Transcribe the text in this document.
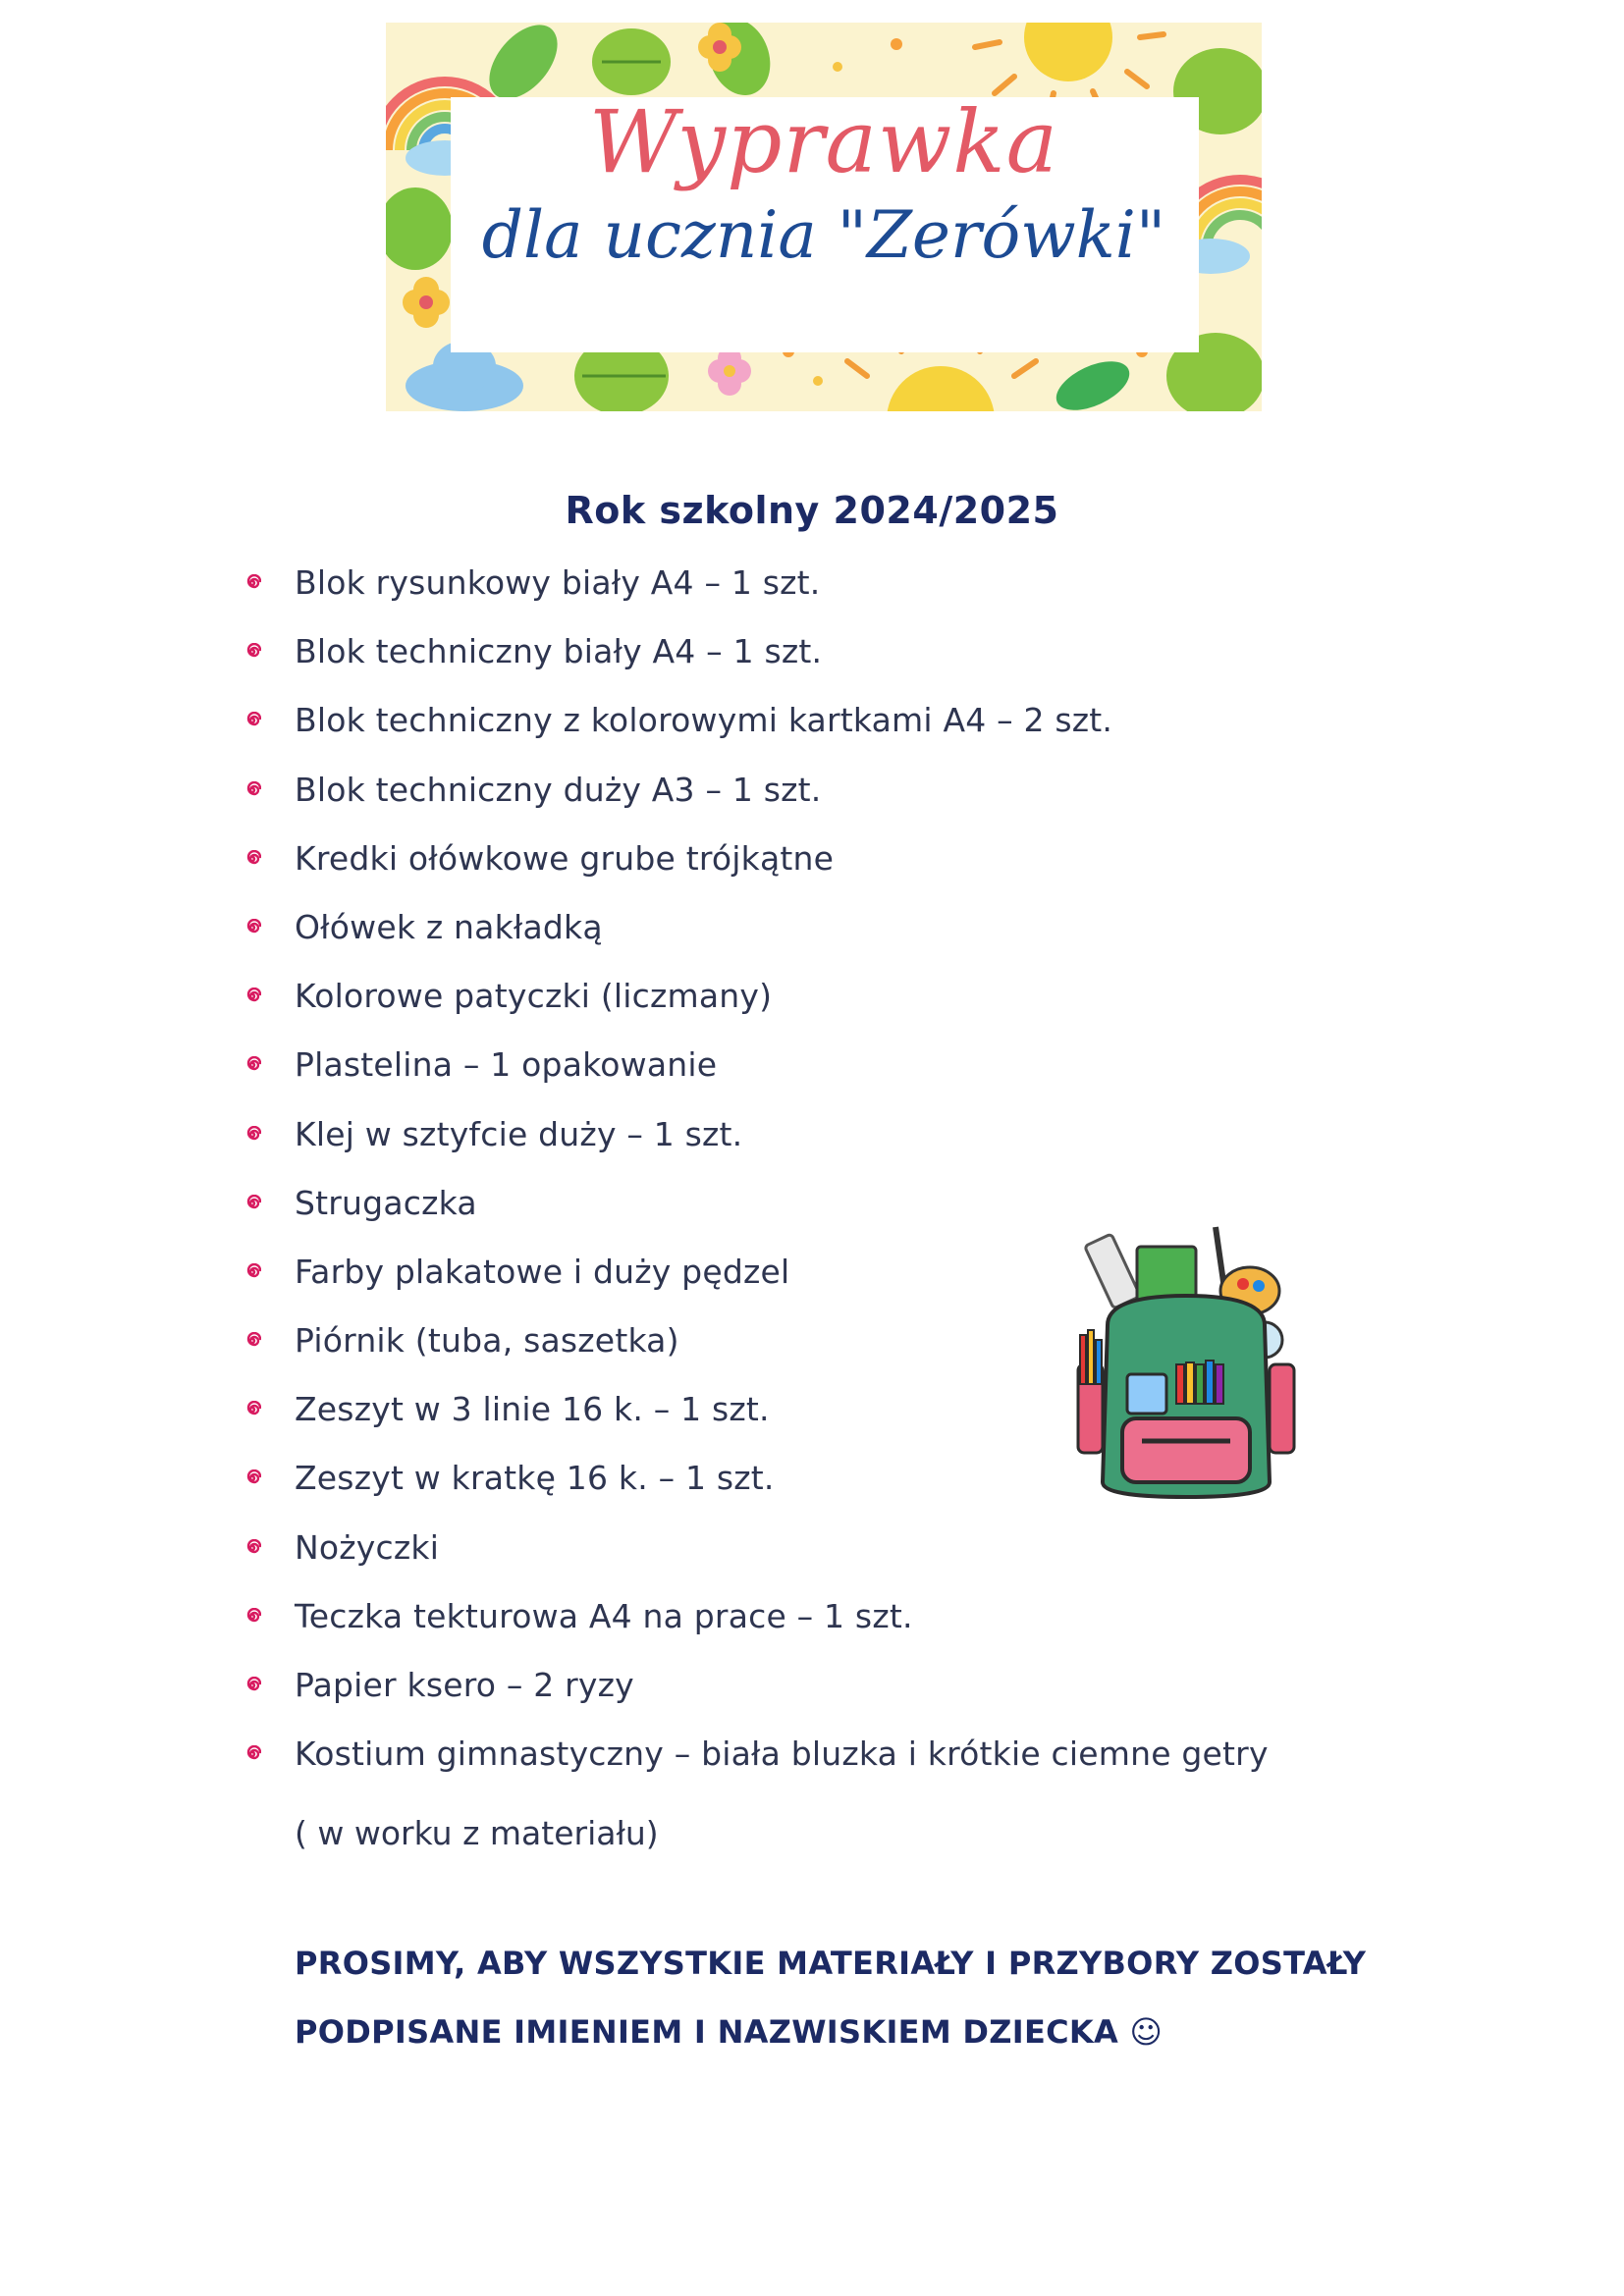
Wyprawka
dla ucznia "Zerówki"
Rok szkolny 2024/2025
Blok rysunkowy biały A4 – 1 szt.
Blok techniczny biały A4 – 1 szt.
Blok techniczny z kolorowymi kartkami A4 – 2 szt.
Blok techniczny duży A3 – 1 szt.
Kredki ołówkowe grube trójkątne
Ołówek z nakładką
Kolorowe patyczki (liczmany)
Plastelina – 1 opakowanie
Klej w sztyfcie duży – 1 szt.
Strugaczka
Farby plakatowe i duży pędzel
Piórnik (tuba, saszetka)
Zeszyt w 3 linie 16 k. – 1 szt.
Zeszyt w kratkę 16 k. – 1 szt.
Nożyczki
Teczka tekturowa A4 na prace – 1 szt.
Papier ksero – 2 ryzy
Kostium gimnastyczny – biała bluzka i krótkie ciemne getry
( w worku z materiału)
PROSIMY, ABY WSZYSTKIE MATERIAŁY I PRZYBORY ZOSTAŁY
PODPISANE IMIENIEM I NAZWISKIEM DZIECKA ☺
